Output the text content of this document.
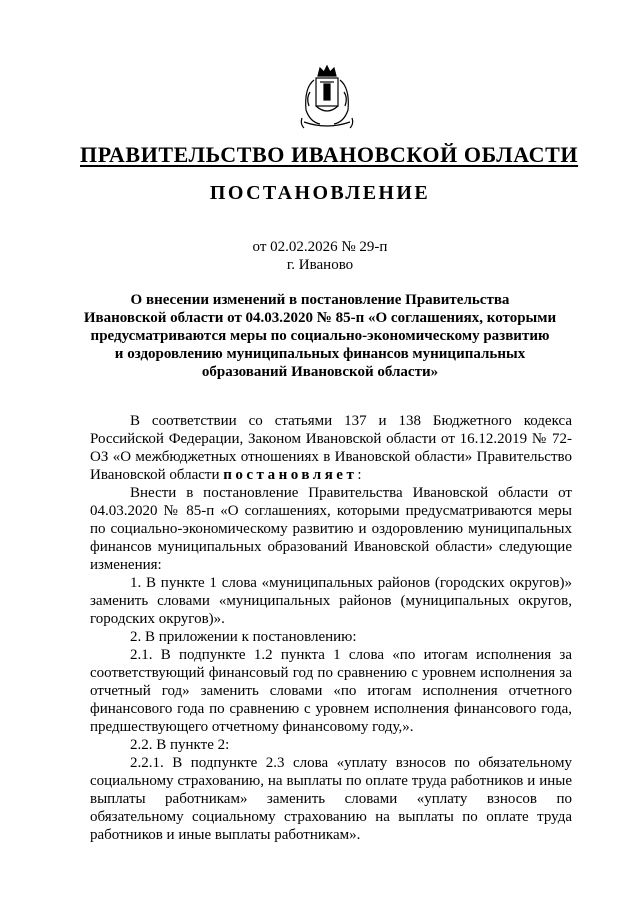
ПРАВИТЕЛЬСТВО ИВАНОВСКОЙ ОБЛАСТИ
ПОСТАНОВЛЕНИЕ
от 02.02.2026 № 29-п
г. Иваново
О внесении изменений в постановление Правительства
Ивановской области от 04.03.2020 № 85-п «О соглашениях, которыми
предусматриваются меры по социально-экономическому развитию
и оздоровлению муниципальных финансов муниципальных
образований Ивановской области»

В соответствии со статьями 137 и 138 Бюджетного кодекса Российской Федерации, Законом Ивановской области от 16.12.2019 № 72-ОЗ «О межбюджетных отношениях в Ивановской области» Правительство Ивановской области постановляет:

Внести в постановление Правительства Ивановской области от 04.03.2020 № 85-п «О соглашениях, которыми предусматриваются меры по социально-экономическому развитию и оздоровлению муниципальных финансов муниципальных образований Ивановской области» следующие изменения:

1. В пункте 1 слова «муниципальных районов (городских округов)» заменить словами «муниципальных районов (муниципальных округов, городских округов)».

2. В приложении к постановлению:

2.1. В подпункте 1.2 пункта 1 слова «по итогам исполнения за соответствующий финансовый год по сравнению с уровнем исполнения за отчетный год» заменить словами «по итогам исполнения отчетного финансового года по сравнению с уровнем исполнения финансового года, предшествующего отчетному финансовому году,».

2.2. В пункте 2:

2.2.1. В подпункте 2.3 слова «уплату взносов по обязательному социальному страхованию, на выплаты по оплате труда работников и иные выплаты работникам» заменить словами «уплату взносов по обязательному социальному страхованию на выплаты по оплате труда работников и иные выплаты работникам».
